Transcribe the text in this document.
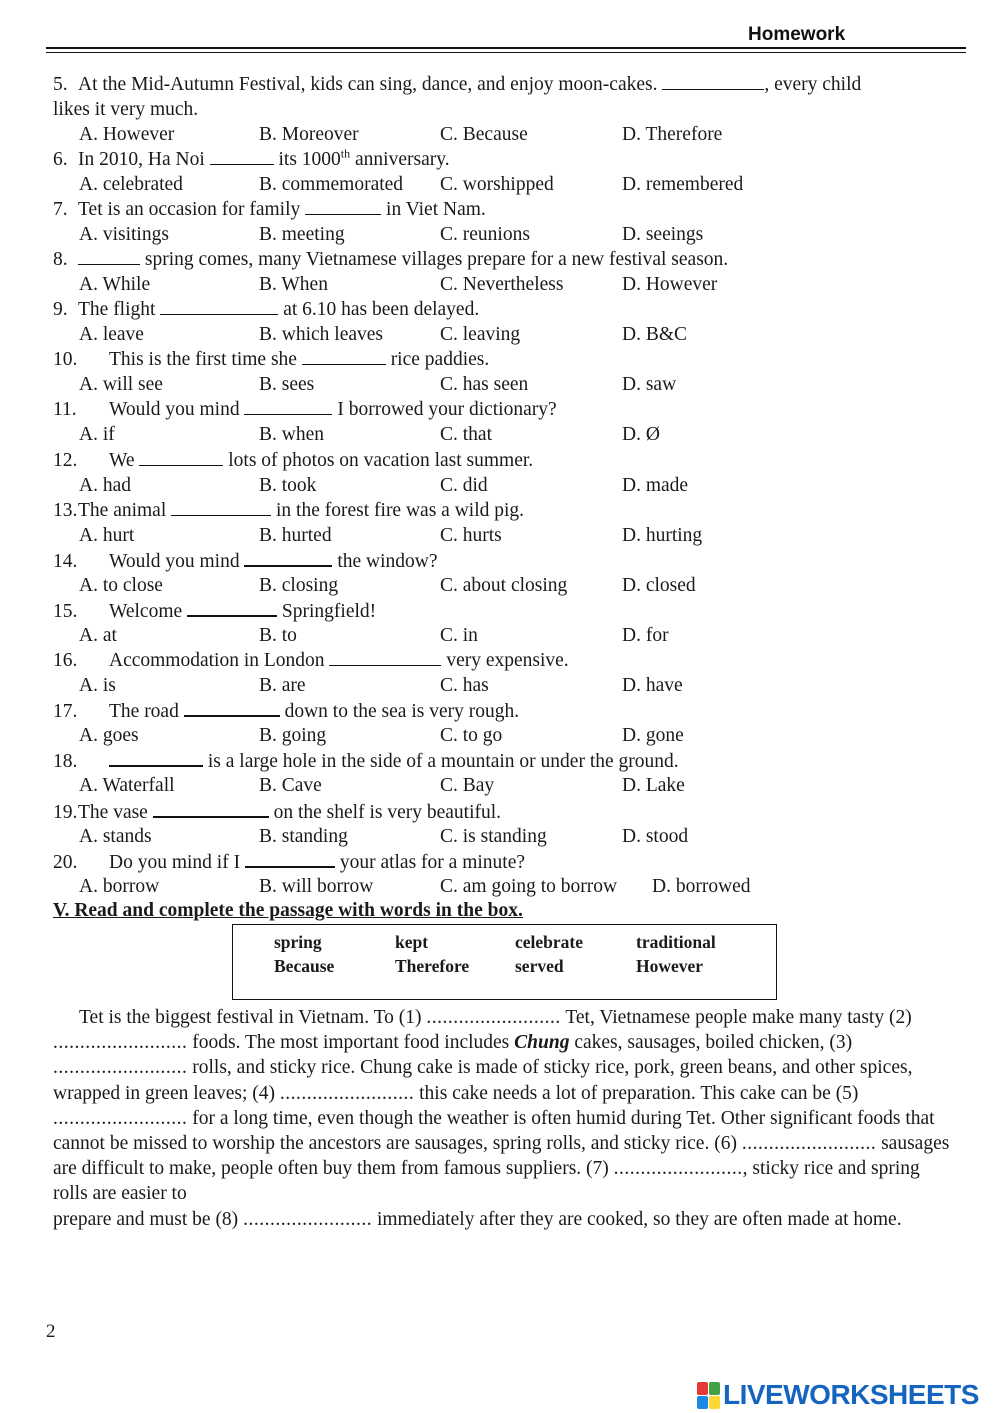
Homework
5. At the Mid-Autumn Festival, kids can sing, dance, and enjoy moon-cakes.	, every child
likes it very much.
A. However	B. Moreover	C. Because	D. Therefore
6. In 2010, Ha Noi	its 1000th anniversary.
A. celebrated	B. commemorated C. worshipped	D. remembered
7. Tet is an occasion for family	in Viet Nam.
A. visitings	B. meeting	C. reunions	D. seeings
8.	spring comes, many Vietnamese villages prepare for a new festival season.
A. While	B. When	C. Nevertheless	D. However
9. The flight	at 6.10 has been delayed.
A. leave	B. which leaves	C. leaving	D. B&C
10. This is the first time she	rice paddies.
A. will see	B. sees	C. has seen	D. saw
11. Would you mind	I borrowed your dictionary?
A. if	B. when	C. that	D. Ø
12. We	lots of photos on vacation last summer.
A. had	B. took	C. did	D. made
13.The animal	in the forest fire was a wild pig.
A. hurt	B. hurted	C. hurts	D. hurting
14. Would you mind	the window?
A. to close	B. closing	C. about closing	D. closed
15. Welcome	Springfield!
A. at	B. to	C. in	D. for
16. Accommodation in London	very expensive.
A. is	B. are	C. has	D. have
17. The road	down to the sea is very rough.
A. goes	B. going	C. to go	D. gone
18.	is a large hole in the side of a mountain or under the ground.
A. Waterfall	B. Cave	C. Bay	D. Lake
19.The vase	on the shelf is very beautiful.
A. stands	B. standing	C. is standing	D. stood
20. Do you mind if I	your atlas for a minute?
A. borrow	B. will borrow	C. am going to borrow D. borrowed
V. Read and complete the passage with words in the box.
spring	kept	celebrate	traditional
Because	Therefore	served	However

Tet is the biggest festival in Vietnam. To (1) ......................... Tet, Vietnamese people make many tasty (2) ......................... foods. The most important food includes Chung cakes, sausages, boiled chicken, (3) ......................... rolls, and sticky rice. Chung cake is made of sticky rice, pork, green beans, and other spices, wrapped in green leaves; (4) ......................... this cake needs a lot of preparation. This cake can be (5) ......................... for a long time, even though the weather is often humid during Tet. Other significant foods that cannot be missed to worship the ancestors are sausages, spring rolls, and sticky rice. (6) ......................... sausages are difficult to make, people often buy them from famous suppliers. (7) ........................, sticky rice and spring rolls are easier to
prepare and must be (8) ........................ immediately after they are cooked, so they are often made at home.

2
LIVEWORKSHEETS
